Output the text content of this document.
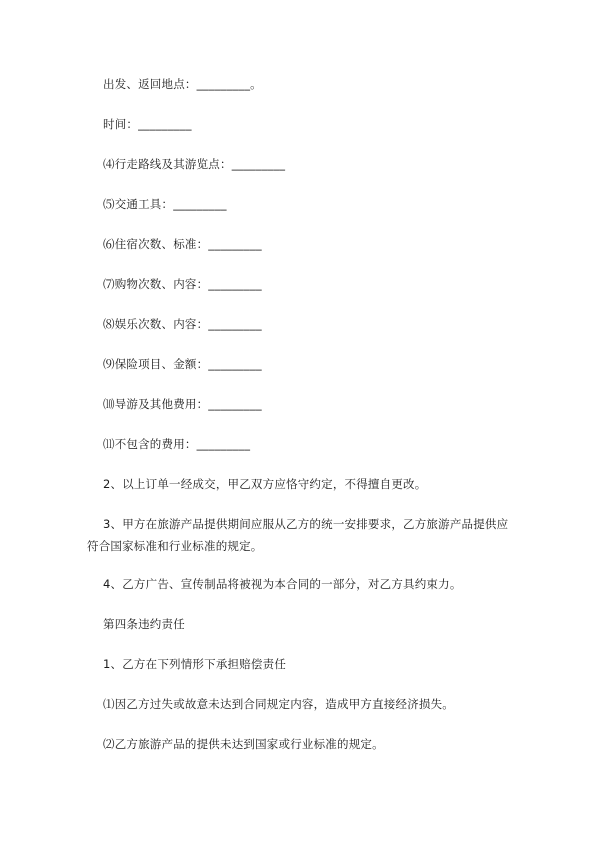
出发、返回地点：_________。
时间：_________
⑷行走路线及其游览点：_________
⑸交通工具：_________
⑹住宿次数、标准：_________
⑺购物次数、内容：_________
⑻娱乐次数、内容：_________
⑼保险项目、金额：_________
⑽导游及其他费用：_________
⑾不包含的费用：_________
2、以上订单一经成交，甲乙双方应恪守约定，不得擅自更改。
3、甲方在旅游产品提供期间应服从乙方的统一安排要求，乙方旅游产品提供应
符合国家标准和行业标准的规定。
4、乙方广告、宣传制品将被视为本合同的一部分，对乙方具约束力。
第四条违约责任
1、乙方在下列情形下承担赔偿责任
⑴因乙方过失或故意未达到合同规定内容，造成甲方直接经济损失。
⑵乙方旅游产品的提供未达到国家或行业标准的规定。
